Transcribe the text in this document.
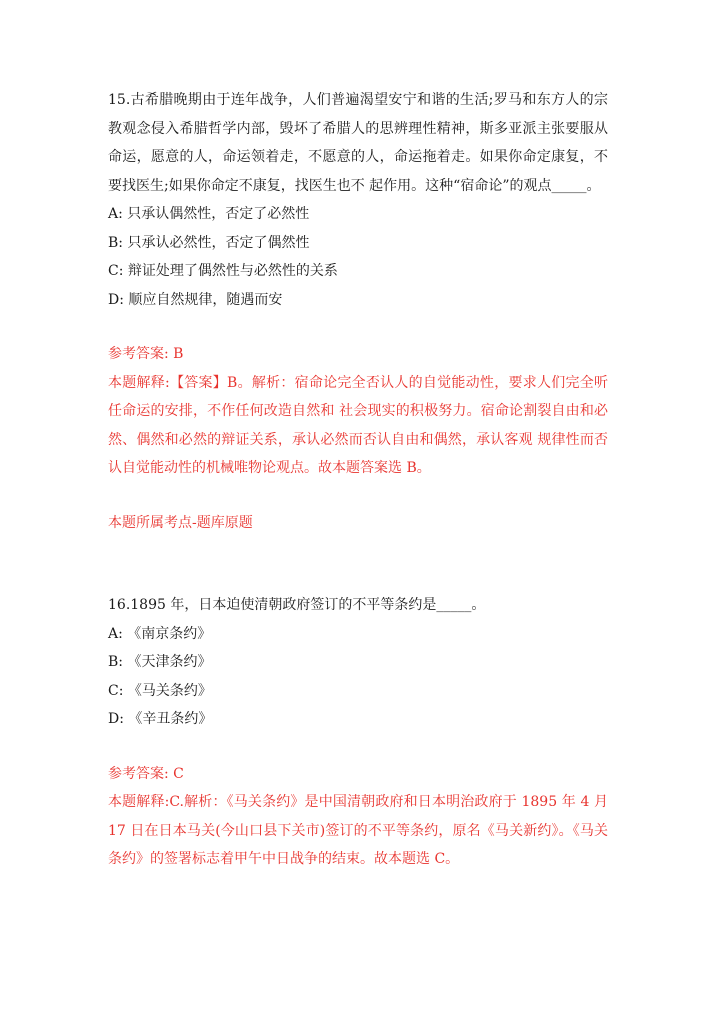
15.古希腊晚期由于连年战争，人们普遍渴望安宁和谐的生活;罗马和东方人的宗教观念侵入希腊哲学内部，毁坏了希腊人的思辨理性精神，斯多亚派主张要服从命运，愿意的人，命运领着走，不愿意的人，命运拖着走。如果你命定康复，不要找医生;如果你命定不康复，找医生也不 起作用。这种“宿命论”的观点_____。

A: 只承认偶然性，否定了必然性

B: 只承认必然性，否定了偶然性

C: 辩证处理了偶然性与必然性的关系

D: 顺应自然规律，随遇而安

参考答案: B

本题解释:【答案】B。解析：宿命论完全否认人的自觉能动性，要求人们完全听任命运的安排，不作任何改造自然和 社会现实的积极努力。宿命论割裂自由和必然、偶然和必然的辩证关系，承认必然而否认自由和偶然，承认客观 规律性而否认自觉能动性的机械唯物论观点。故本题答案选 B。

本题所属考点-题库原题

16.1895 年，日本迫使清朝政府签订的不平等条约是_____。

A: 《南京条约》

B: 《天津条约》

C: 《马关条约》

D: 《辛丑条约》

参考答案: C

本题解释:C.解析：《马关条约》是中国清朝政府和日本明治政府于 1895 年 4 月 17 日在日本马关(今山口县下关市)签订的不平等条约，原名《马关新约》。《马关条约》的签署标志着甲午中日战争的结束。故本题选 C。
